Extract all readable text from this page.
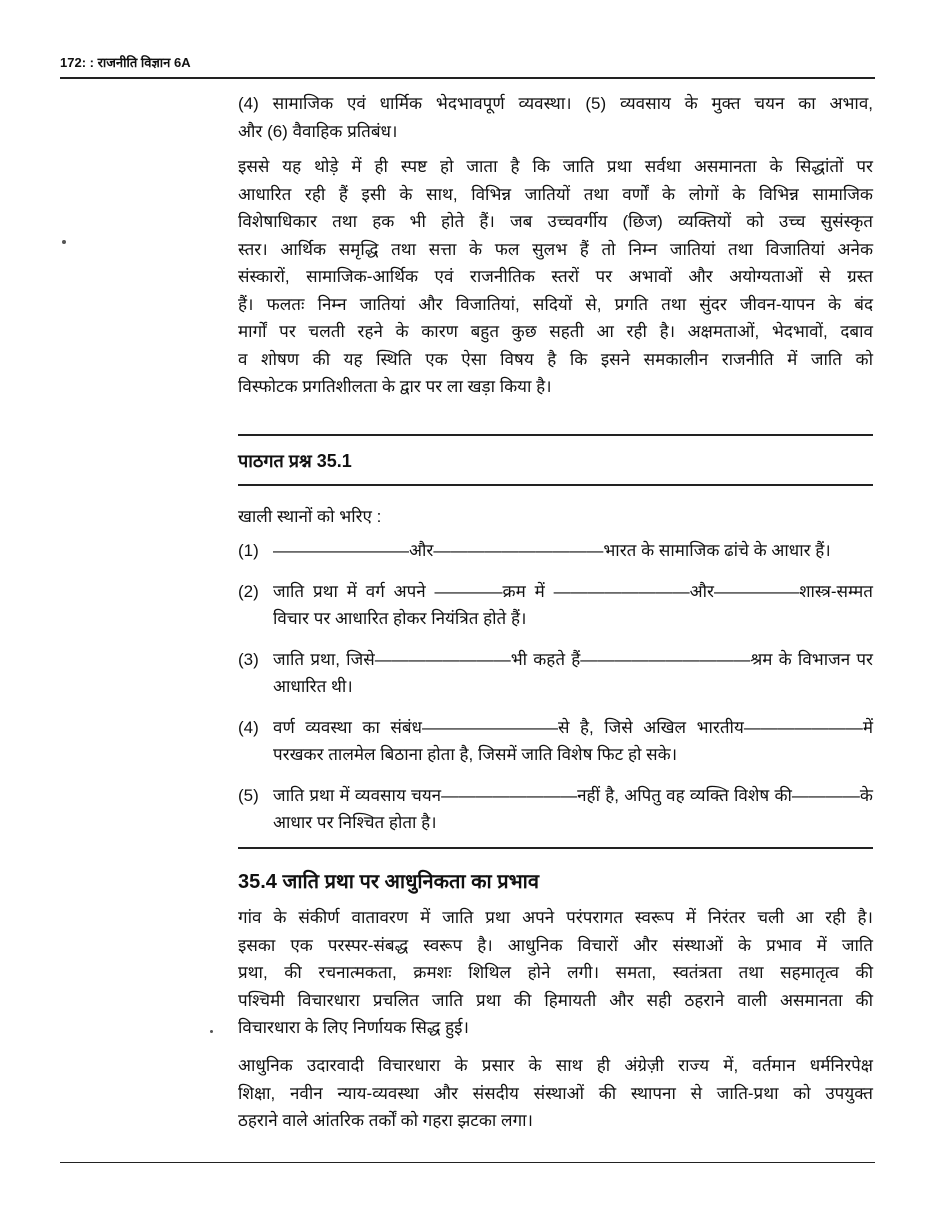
172: : राजनीति विज्ञान 6A
(4) सामाजिक एवं धार्मिक भेदभावपूर्ण व्यवस्था। (5) व्यवसाय के मुक्त चयन का अभाव,
और (6) वैवाहिक प्रतिबंध।
इससे यह थोड़े में ही स्पष्ट हो जाता है कि जाति प्रथा सर्वथा असमानता के सिद्धांतों पर
आधारित रही हैं इसी के साथ, विभिन्न जातियों तथा वर्णों के लोगों के विभिन्न सामाजिक
विशेषाधिकार तथा हक भी होते हैं। जब उच्चवर्गीय (छिज) व्यक्तियों को उच्च सुसंस्कृत
स्तर। आर्थिक समृद्धि तथा सत्ता के फल सुलभ हैं तो निम्न जातियां तथा विजातियां अनेक
संस्कारों, सामाजिक-आर्थिक एवं राजनीतिक स्तरों पर अभावों और अयोग्यताओं से ग्रस्त
हैं। फलतः निम्न जातियां और विजातियां, सदियों से, प्रगति तथा सुंदर जीवन-यापन के बंद
मार्गों पर चलती रहने के कारण बहुत कुछ सहती आ रही है। अक्षमताओं, भेदभावों, दबाव
व शोषण की यह स्थिति एक ऐसा विषय है कि इसने समकालीन राजनीति में जाति को
विस्फोटक प्रगतिशीलता के द्वार पर ला खड़ा किया है।
पाठगत प्रश्न 35.1
खाली स्थानों को भरिए :
(1) ————————और——————————भारत के सामाजिक ढांचे के आधार हैं।
(2) जाति प्रथा में वर्ग अपने ————क्रम में ————————और—————शास्त्र-सम्मत
विचार पर आधारित होकर नियंत्रित होते हैं।
(3) जाति प्रथा, जिसे————————भी कहते हैं——————————श्रम के विभाजन पर
आधारित थी।
(4) वर्ण व्यवस्था का संबंध————————से है, जिसे अखिल भारतीय———————में
परखकर तालमेल बिठाना होता है, जिसमें जाति विशेष फिट हो सके।
(5) जाति प्रथा में व्यवसाय चयन————————नहीं है, अपितु वह व्यक्ति विशेष की————के
आधार पर निश्चित होता है।
35.4 जाति प्रथा पर आधुनिकता का प्रभाव
गांव के संकीर्ण वातावरण में जाति प्रथा अपने परंपरागत स्वरूप में निरंतर चली आ रही है।
इसका एक परस्पर-संबद्ध स्वरूप है। आधुनिक विचारों और संस्थाओं के प्रभाव में जाति
प्रथा, की रचनात्मकता, क्रमशः शिथिल होने लगी। समता, स्वतंत्रता तथा सहमातृत्व की
पश्चिमी विचारधारा प्रचलित जाति प्रथा की हिमायती और सही ठहराने वाली असमानता की
विचारधारा के लिए निर्णायक सिद्ध हुई।
आधुनिक उदारवादी विचारधारा के प्रसार के साथ ही अंग्रेज़ी राज्य में, वर्तमान धर्मनिरपेक्ष
शिक्षा, नवीन न्याय-व्यवस्था और संसदीय संस्थाओं की स्थापना से जाति-प्रथा को उपयुक्त
ठहराने वाले आंतरिक तर्कों को गहरा झटका लगा।
